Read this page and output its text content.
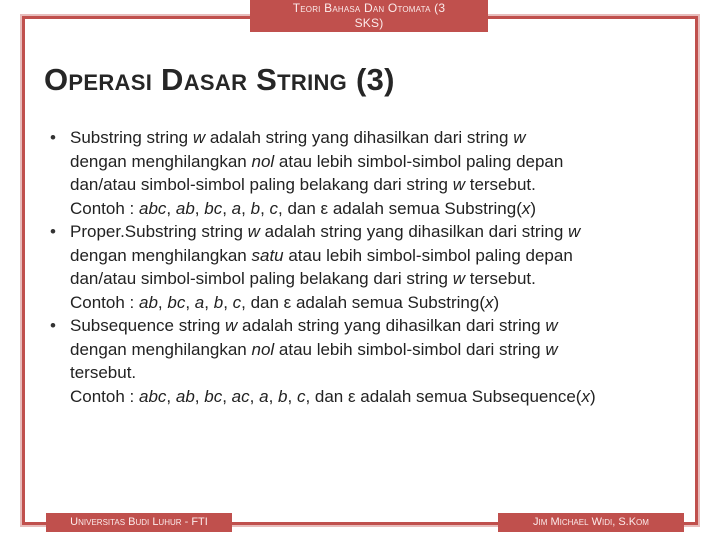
Teori Bahasa Dan Otomata (3
SKS)
Operasi Dasar String (3)
• Substring string w adalah string yang dihasilkan dari string w
dengan menghilangkan nol atau lebih simbol-simbol paling depan
dan/atau simbol-simbol paling belakang dari string w tersebut.
Contoh : abc, ab, bc, a, b, c, dan ε adalah semua Substring(x)
• Proper.Substring string w adalah string yang dihasilkan dari string w
dengan menghilangkan satu atau lebih simbol-simbol paling depan
dan/atau simbol-simbol paling belakang dari string w tersebut.
Contoh : ab, bc, a, b, c, dan ε adalah semua Substring(x)
• Subsequence string w adalah string yang dihasilkan dari string w
dengan menghilangkan nol atau lebih simbol-simbol dari string w
tersebut.
Contoh : abc, ab, bc, ac, a, b, c, dan ε adalah semua Subsequence(x)
Universitas Budi Luhur - FTI	Jim Michael Widi, S.Kom
